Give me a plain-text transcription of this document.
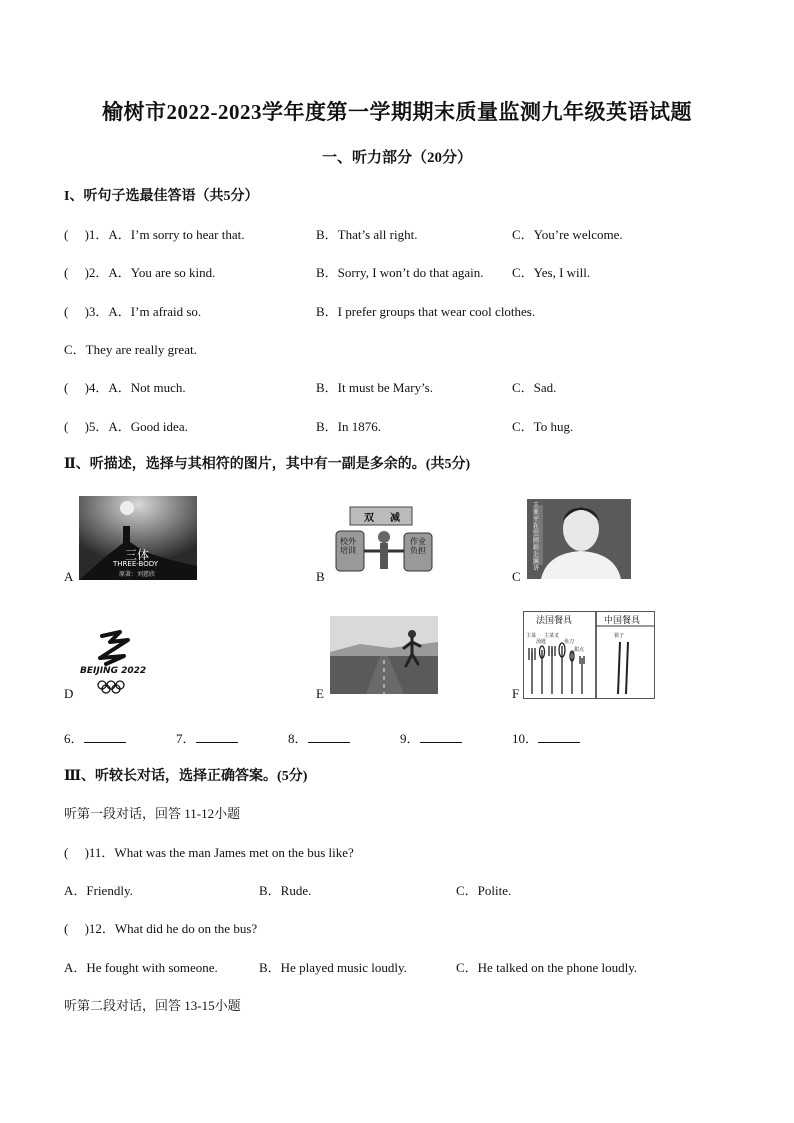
榆树市2022-2023学年度第一学期期末质量监测九年级英语试题
一、听力部分（20分）
I、听句子选最佳答语（共5分）
(     )1．A．I’m sorry to hear that.	B．That’s all right.	C．You’re welcome.
(     )2．A．You are so kind.	B．Sorry, I won’t do that again. C．Yes, I will.
(     )3．A．I’m afraid so.	B．I prefer groups that wear cool clothes.
C．They are really great.
(     )4．A．Not much.	B．It must be Mary’s.	C．Sad.
(     )5．A．Good idea.	B．In 1876.	C．To hug.
Ⅱ、听描述，选择与其相符的图片，其中有一副是多余的。(共5分)
三体
THREE-BODY
原著：刘慈欣
A
双 减
校外培训
作业负担
B
王亚平在空间站上演讲
C
BEIJING 2022
D	E
法国餐具	中国餐具
主菜 主菜叉
汤匙	鱼刀
甜点
筷子
F
6．	7．	8．	9．	10．
Ⅲ、听较长对话，选择正确答案。(5分)
听第一段对话，回答 11-12小题
(     )11．What was the man James met on the bus like?
A．Friendly.	B．Rude.	C．Polite.
(     )12．What did he do on the bus?
A．He fought with someone.	B．He played music loudly.	C．He talked on the phone loudly.
听第二段对话，回答 13-15小题
